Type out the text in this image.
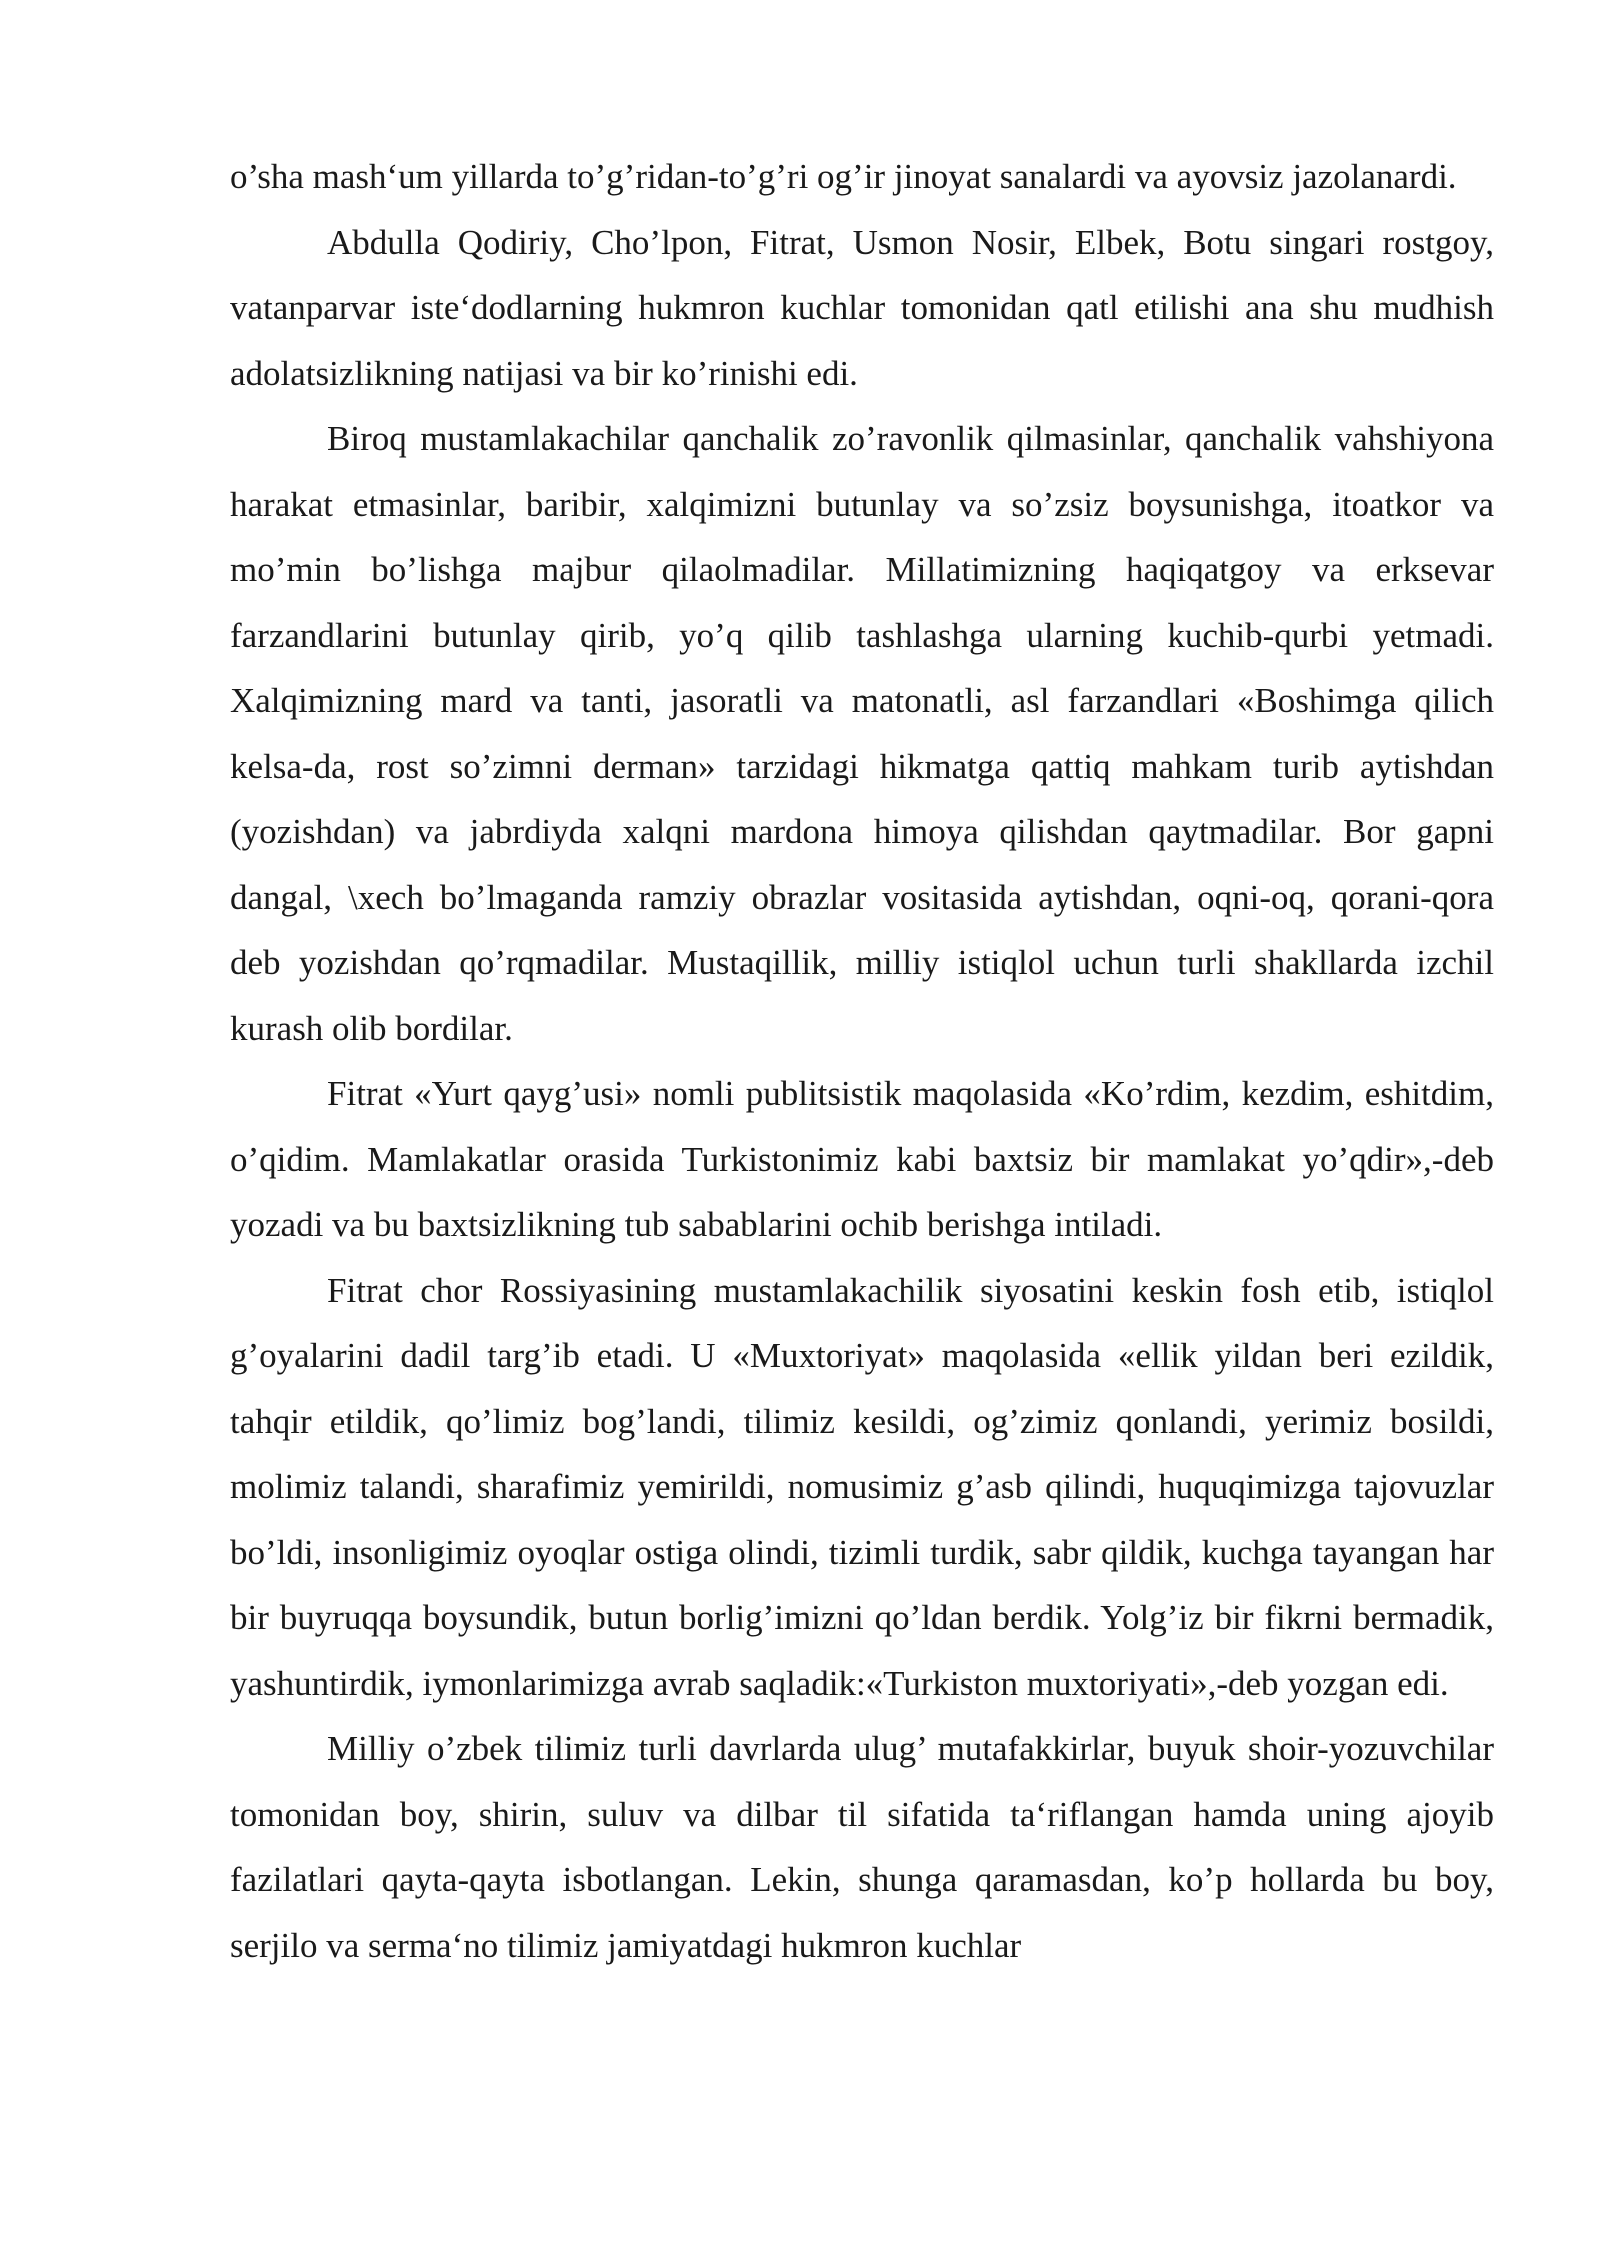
o’sha mash‘um yillarda to’g’ridan-to’g’ri og’ir jinoyat sanalardi va ayovsiz jazolanardi.

Abdulla Qodiriy, Cho’lpon, Fitrat, Usmon Nosir, Elbek, Botu singari rostgoy, vatanparvar iste‘dodlarning hukmron kuchlar tomonidan qatl etilishi ana shu mudhish adolatsizlikning natijasi va bir ko’rinishi edi.

Biroq mustamlakachilar qanchalik zo’ravonlik qilmasinlar, qanchalik vahshiyona harakat etmasinlar, baribir, xalqimizni butunlay va so’zsiz boysunishga, itoatkor va mo’min bo’lishga majbur qilaolmadilar. Millatimizning haqiqatgoy va erksevar farzandlarini butunlay qirib, yo’q qilib tashlashga ularning kuchib-qurbi yetmadi. Xalqimizning mard va tanti, jasoratli va matonatli, asl farzandlari «Boshimga qilich kelsa-da, rost so’zimni derman» tarzidagi hikmatga qattiq mahkam turib aytishdan (yozishdan) va jabrdiyda xalqni mardona himoya qilishdan qaytmadilar. Bor gapni dangal, \xech bo’lmaganda ramziy obrazlar vositasida aytishdan, oqni-oq, qorani-qora deb yozishdan qo’rqmadilar. Mustaqillik, milliy istiqlol uchun turli shakllarda izchil kurash olib bordilar.

Fitrat «Yurt qayg’usi» nomli publitsistik maqolasida «Ko’rdim, kezdim, eshitdim, o’qidim. Mamlakatlar orasida Turkistonimiz kabi baxtsiz bir mamlakat yo’qdir»,-deb yozadi va bu baxtsizlikning tub sabablarini ochib berishga intiladi.

Fitrat chor Rossiyasining mustamlakachilik siyosatini keskin fosh etib, istiqlol g’oyalarini dadil targ’ib etadi. U «Muxtoriyat» maqolasida «ellik yildan beri ezildik, tahqir etildik, qo’limiz bog’landi, tilimiz kesildi, og’zimiz qonlandi, yerimiz bosildi, molimiz talandi, sharafimiz yemirildi, nomusimiz g’asb qilindi, huquqimizga tajovuzlar bo’ldi, insonligimiz oyoqlar ostiga olindi, tizimli turdik, sabr qildik, kuchga tayangan har bir buyruqqa boysundik, butun borlig’imizni qo’ldan berdik. Yolg’iz bir fikrni bermadik, yashuntirdik, iymonlarimizga avrab saqladik:«Turkiston muxtoriyati»,-deb yozgan edi.

Milliy o’zbek tilimiz turli davrlarda ulug’ mutafakkirlar, buyuk shoir-yozuvchilar tomonidan boy, shirin, suluv va dilbar til sifatida ta‘riflangan hamda uning ajoyib fazilatlari qayta-qayta isbotlangan. Lekin, shunga qaramasdan, ko’p hollarda bu boy, serjilo va serma‘no tilimiz jamiyatdagi hukmron kuchlar
